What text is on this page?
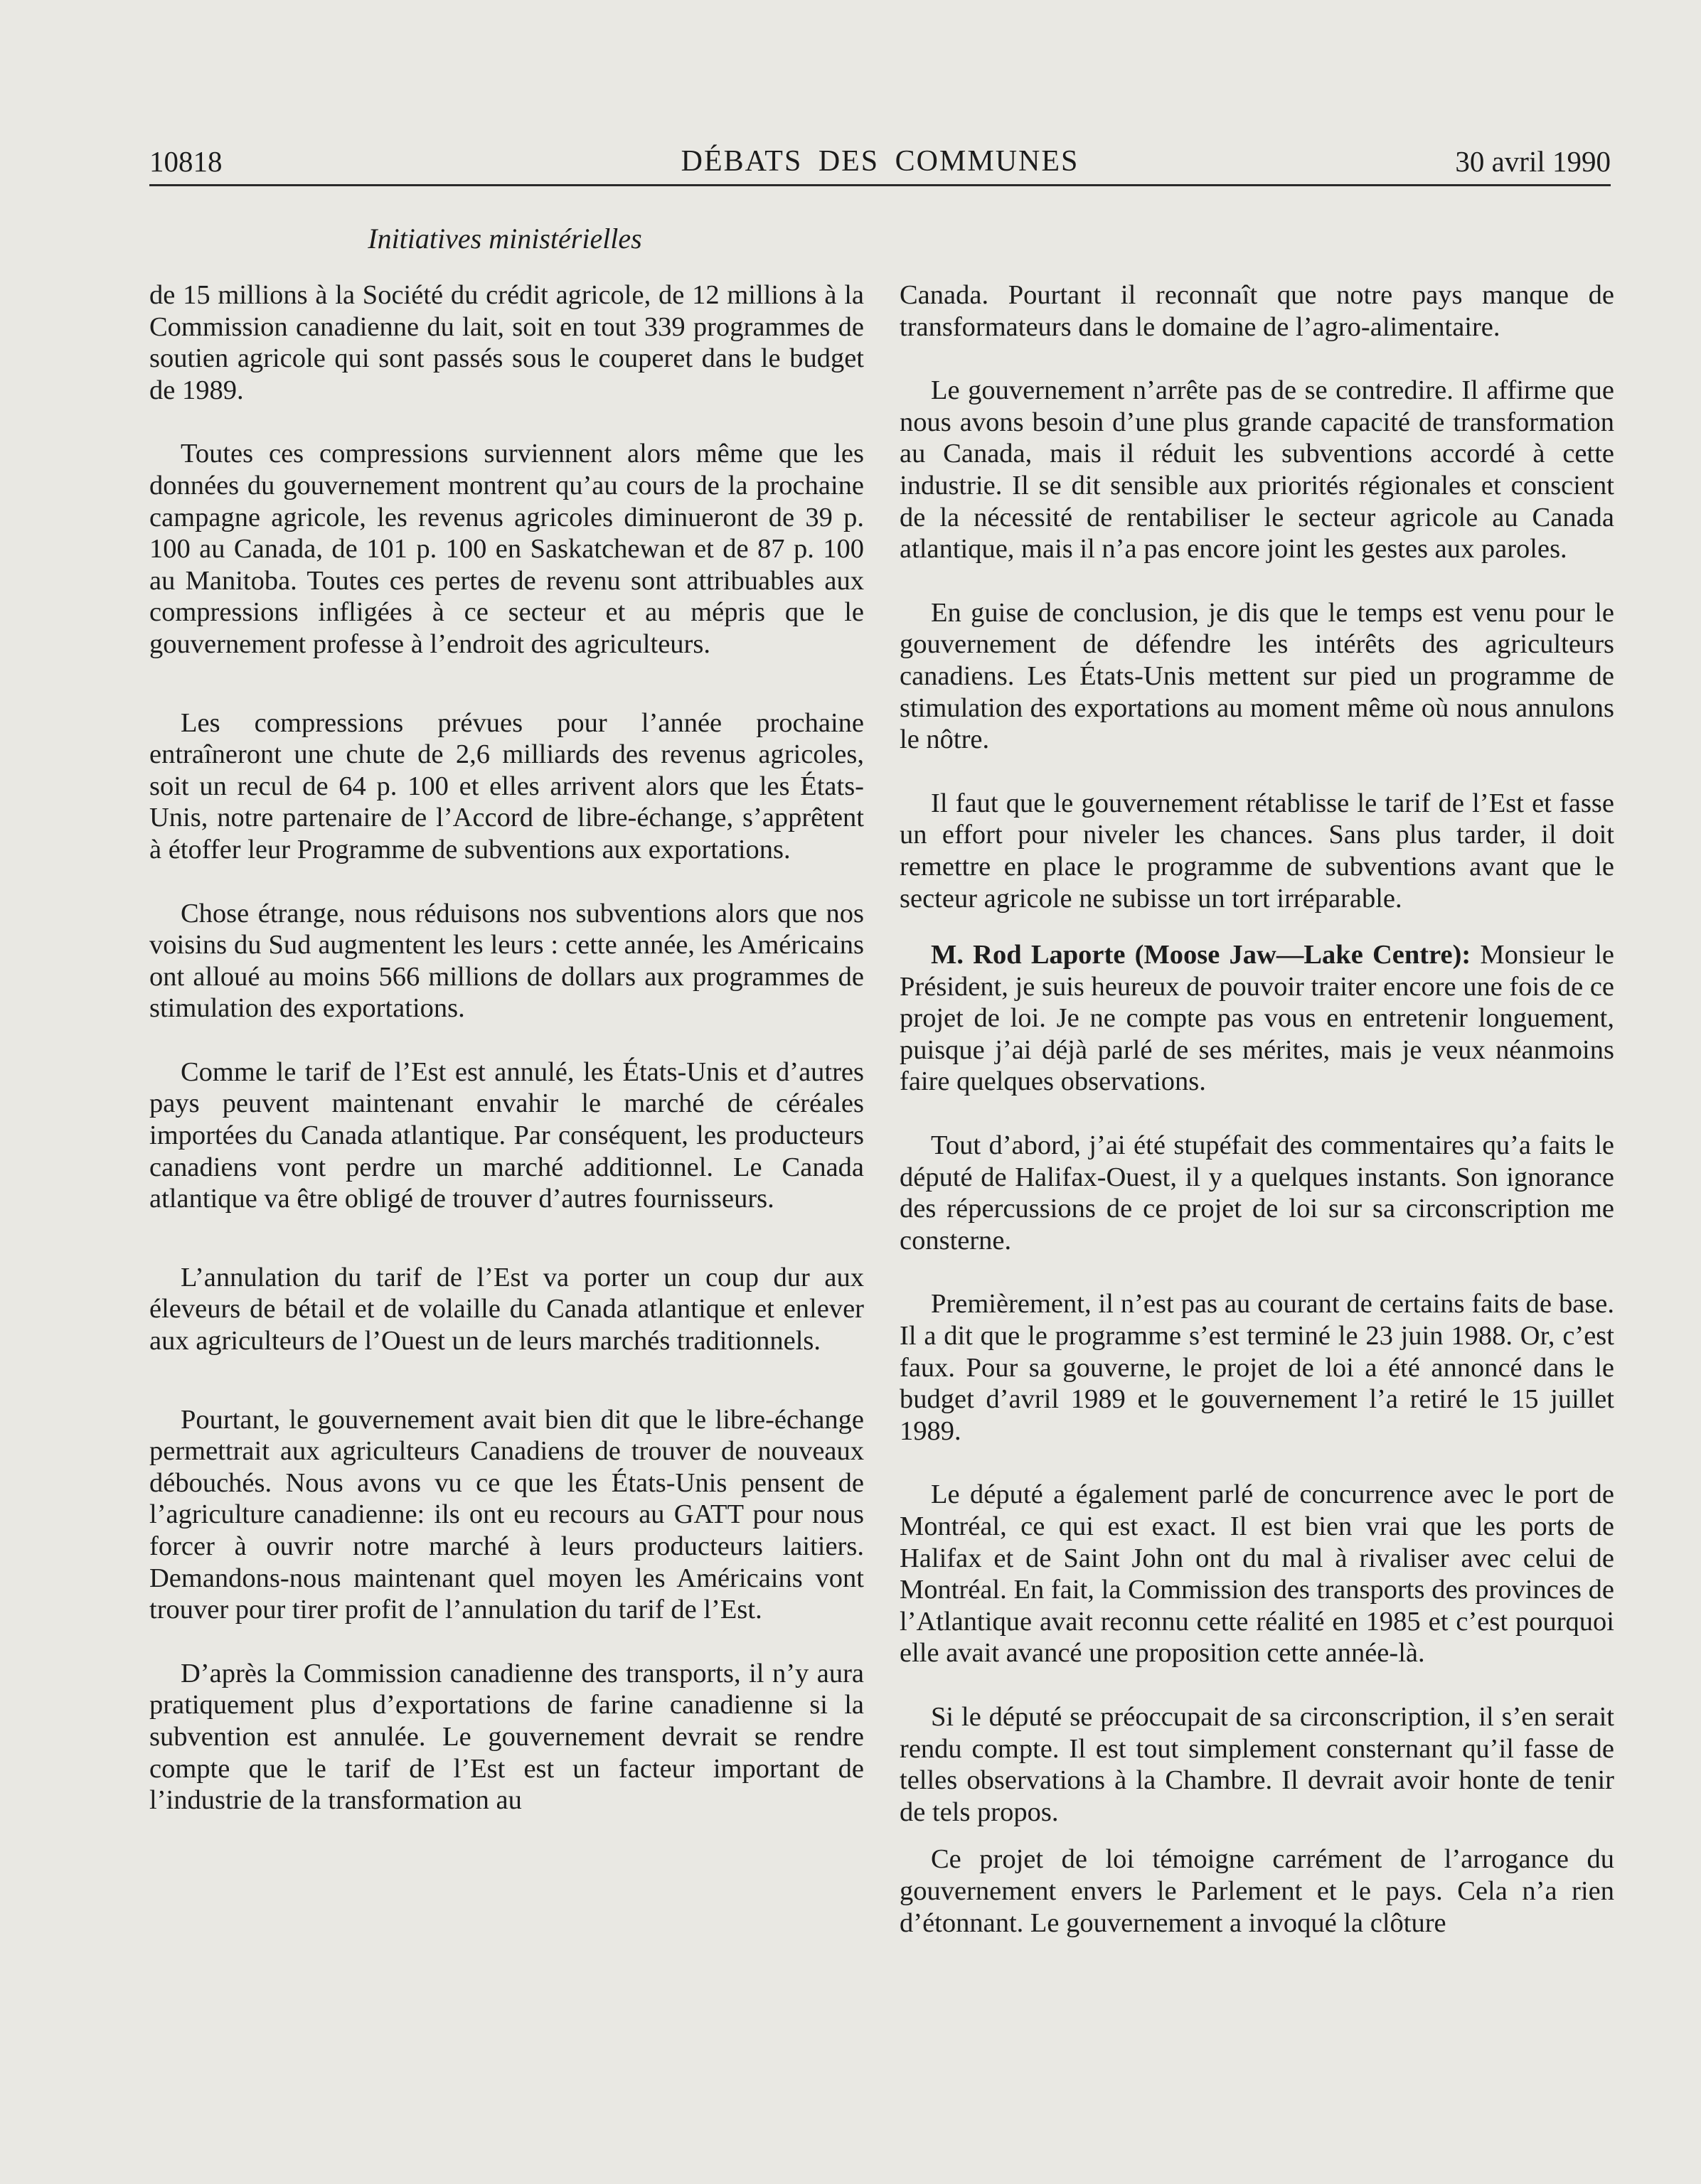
10818	DÉBATS DES COMMUNES	30 avril 1990
Initiatives ministérielles

de 15 millions à la Société du crédit agricole, de 12 millions à la Commission canadienne du lait, soit en tout 339 programmes de soutien agricole qui sont passés sous le couperet dans le budget de 1989.

Toutes ces compressions surviennent alors même que les données du gouvernement montrent qu’au cours de la prochaine campagne agricole, les revenus agricoles diminueront de 39 p. 100 au Canada, de 101 p. 100 en Saskatchewan et de 87 p. 100 au Manitoba. Toutes ces pertes de revenu sont attribuables aux compressions infligées à ce secteur et au mépris que le gouvernement professe à l’endroit des agriculteurs.

Les compressions prévues pour l’année prochaine entraîneront une chute de 2,6 milliards des revenus agricoles, soit un recul de 64 p. 100 et elles arrivent alors que les États-Unis, notre partenaire de l’Accord de libre-échange, s’apprêtent à étoffer leur Programme de subventions aux exportations.

Chose étrange, nous réduisons nos subventions alors que nos voisins du Sud augmentent les leurs : cette année, les Américains ont alloué au moins 566 millions de dollars aux programmes de stimulation des exportations.

Comme le tarif de l’Est est annulé, les États-Unis et d’autres pays peuvent maintenant envahir le marché de céréales importées du Canada atlantique. Par conséquent, les producteurs canadiens vont perdre un marché additionnel. Le Canada atlantique va être obligé de trouver d’autres fournisseurs.

L’annulation du tarif de l’Est va porter un coup dur aux éleveurs de bétail et de volaille du Canada atlantique et enlever aux agriculteurs de l’Ouest un de leurs marchés traditionnels.

Pourtant, le gouvernement avait bien dit que le libre-échange permettrait aux agriculteurs Canadiens de trouver de nouveaux débouchés. Nous avons vu ce que les États-Unis pensent de l’agriculture canadienne: ils ont eu recours au GATT pour nous forcer à ouvrir notre marché à leurs producteurs laitiers. Demandons-nous maintenant quel moyen les Américains vont trouver pour tirer profit de l’annulation du tarif de l’Est.

D’après la Commission canadienne des transports, il n’y aura pratiquement plus d’exportations de farine canadienne si la subvention est annulée. Le gouvernement devrait se rendre compte que le tarif de l’Est est un facteur important de l’industrie de la transformation au

Canada. Pourtant il reconnaît que notre pays manque de transformateurs dans le domaine de l’agro-alimentaire.

Le gouvernement n’arrête pas de se contredire. Il affirme que nous avons besoin d’une plus grande capacité de transformation au Canada, mais il réduit les subventions accordé à cette industrie. Il se dit sensible aux priorités régionales et conscient de la nécessité de rentabiliser le secteur agricole au Canada atlantique, mais il n’a pas encore joint les gestes aux paroles.

En guise de conclusion, je dis que le temps est venu pour le gouvernement de défendre les intérêts des agriculteurs canadiens. Les États-Unis mettent sur pied un programme de stimulation des exportations au moment même où nous annulons le nôtre.

Il faut que le gouvernement rétablisse le tarif de l’Est et fasse un effort pour niveler les chances. Sans plus tarder, il doit remettre en place le programme de subventions avant que le secteur agricole ne subisse un tort irréparable.

M. Rod Laporte (Moose Jaw—Lake Centre): Monsieur le Président, je suis heureux de pouvoir traiter encore une fois de ce projet de loi. Je ne compte pas vous en entretenir longuement, puisque j’ai déjà parlé de ses mérites, mais je veux néanmoins faire quelques observations.

Tout d’abord, j’ai été stupéfait des commentaires qu’a faits le député de Halifax-Ouest, il y a quelques instants. Son ignorance des répercussions de ce projet de loi sur sa circonscription me consterne.

Premièrement, il n’est pas au courant de certains faits de base. Il a dit que le programme s’est terminé le 23 juin 1988. Or, c’est faux. Pour sa gouverne, le projet de loi a été annoncé dans le budget d’avril 1989 et le gouvernement l’a retiré le 15 juillet 1989.

Le député a également parlé de concurrence avec le port de Montréal, ce qui est exact. Il est bien vrai que les ports de Halifax et de Saint John ont du mal à rivaliser avec celui de Montréal. En fait, la Commission des transports des provinces de l’Atlantique avait reconnu cette réalité en 1985 et c’est pourquoi elle avait avancé une proposition cette année-là.

Si le député se préoccupait de sa circonscription, il s’en serait rendu compte. Il est tout simplement consternant qu’il fasse de telles observations à la Chambre. Il devrait avoir honte de tenir de tels propos.

Ce projet de loi témoigne carrément de l’arrogance du gouvernement envers le Parlement et le pays. Cela n’a rien d’étonnant. Le gouvernement a invoqué la clôture
